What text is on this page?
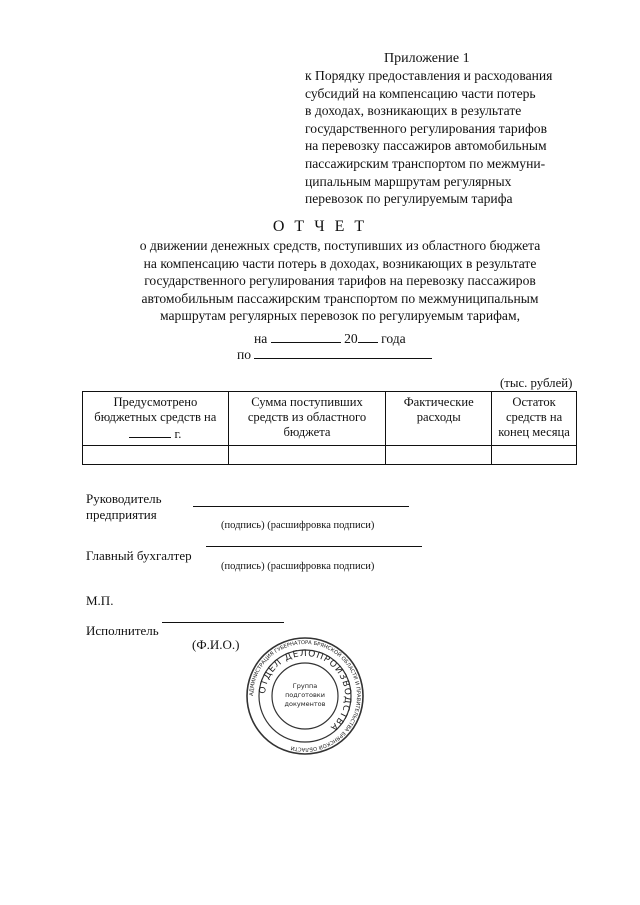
Приложение 1
к Порядку предоставления и расходования
субсидий на компенсацию части потерь
в доходах, возникающих в результате
государственного регулирования тарифов
на перевозку пассажиров автомобильным
пассажирским транспортом по межмуни-
ципальным маршрутам регулярных
перевозок по регулируемым тарифа
О Т Ч Е Т
о движении денежных средств, поступивших из областного бюджета
на компенсацию части потерь в доходах, возникающих в результате
государственного регулирования тарифов на перевозку пассажиров
автомобильным пассажирским транспортом по межмуниципальным
маршрутам регулярных перевозок по регулируемым тарифам,
на	20 года
по
(тыс. рублей)
Предусмотрено
бюджетных средств на
г.	Сумма поступивших средств из областного бюджета	Фактические расходы	Остаток средств на конец месяца

Руководитель
предприятия
(подпись) (расшифровка подписи)
Главный бухгалтер
(подпись) (расшифровка подписи)
М.П.
Исполнитель
(Ф.И.О.)
АДМИНИСТРАЦИЯ ГУБЕРНАТОРА БРЯНСКОЙ ОБЛАСТИ И ПРАВИТЕЛЬСТВА БРЯНСКОЙ ОБЛАСТИ
ОТДЕЛ ДЕЛОПРОИЗВОДСТВА
Группа
подготовки
документов
